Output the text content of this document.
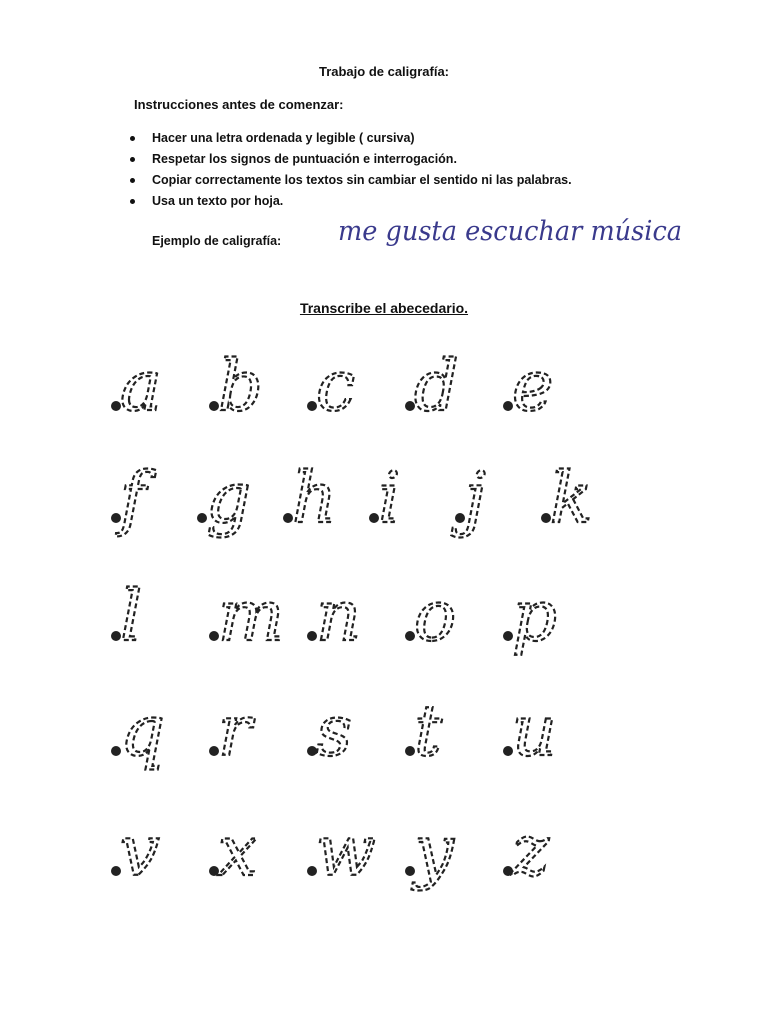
Trabajo de caligrafía:
Instrucciones antes de comenzar:
Hacer una letra ordenada y legible ( cursiva)
Respetar los signos de puntuación e interrogación.
Copiar correctamente los textos sin cambiar el sentido ni las palabras.
Usa un texto por hoja.
Ejemplo de caligrafía: me gusta escuchar música
Transcribe el abecedario.
a b c d e
f g h i j k
l m n o p
q r s t u
v x w y z
